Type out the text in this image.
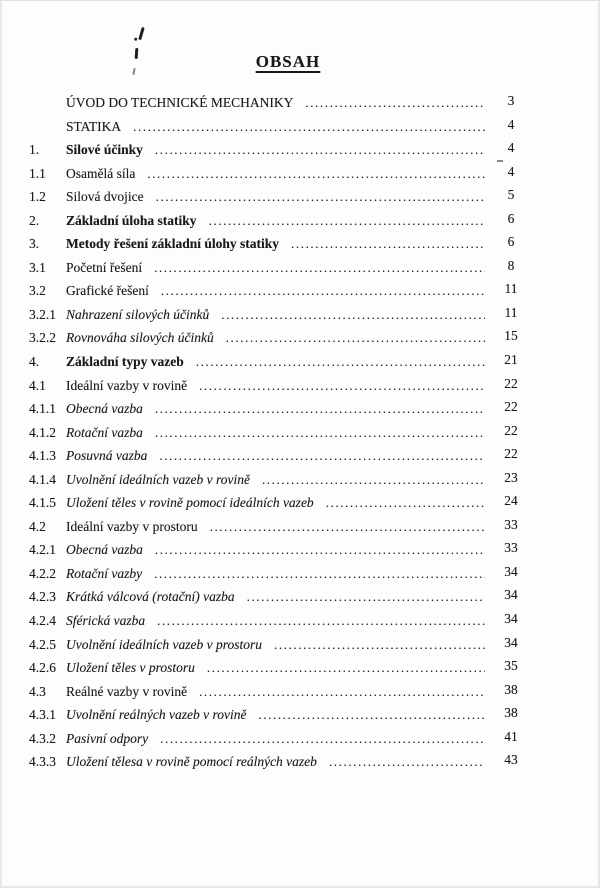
OBSAH
ÚVOD DO TECHNICKÉ MECHANIKY .....	3
STATIKA .....	4
1.	Silové účinky .....	4
1.1	Osamělá síla .....	4
1.2	Silová dvojice .....	5
2.	Základní úloha statiky .....	6
3.	Metody řešení základní úlohy statiky .....	6
3.1	Početní řešení .....	8
3.2	Grafické řešení .....	11
3.2.1 Nahrazení silových účinků .....	11
3.2.2 Rovnováha silových účinků .....	15
4.	Základní typy vazeb .....	21
4.1	Ideální vazby v rovině .....	22
4.1.1 Obecná vazba .....	22
4.1.2 Rotační vazba .....	22
4.1.3 Posuvná vazba .....	22
4.1.4 Uvolnění ideálních vazeb v rovině .....	23
4.1.5 Uložení těles v rovině pomocí ideálních vazeb .....	24
4.2	Ideální vazby v prostoru .....	33
4.2.1 Obecná vazba .....	33
4.2.2 Rotační vazby .....	34
4.2.3 Krátká válcová (rotační) vazba .....	34
4.2.4 Sférická vazba .....	34
4.2.5 Uvolnění ideálních vazeb v prostoru .....	34
4.2.6 Uložení těles v prostoru .....	35
4.3	Reálné vazby v rovině .....	38
4.3.1 Uvolnění reálných vazeb v rovině .....	38
4.3.2 Pasivní odpory .....	41
4.3.3 Uložení tělesa v rovině pomocí reálných vazeb .....	43
